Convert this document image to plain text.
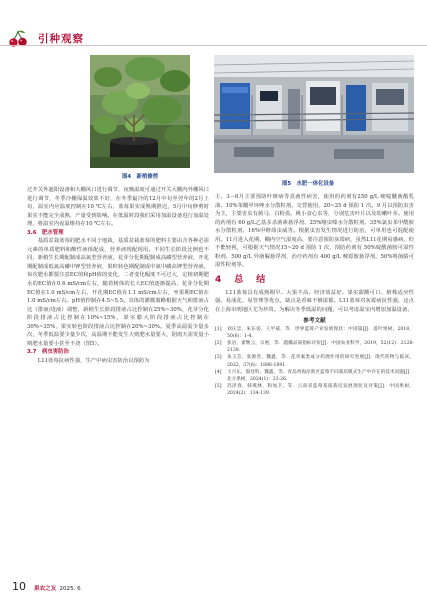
引种观察
图4　新梢修剪
图5　水肥一体化设备

过开关外遮阳设备和大棚风口进行调节，夜晚温度可通过开关大棚内外棚风口进行调节，冬季冷棚保温效果不好，在冬季最冷的12月中旬至翌年的2月上旬，温室内应温度控制在10 ℃左右，蓝莓果实成熟期推迟，5月中旬修剪时果实不能完全成熟，产量受到影响。在低温时段我们采用加温设备进行加温处理，将温室内夜温维持在10 ℃左右。

3.6　肥水管理

基质盆栽蓝莓的肥水不同于地栽，基质盆栽蓝莓的肥料主要由含各种必需元素的单质肥料和酸性液体配成，营养液现配现用。不同生长阶段比例也不同，新梢生长期配制成高氮型营养液，花芽分化期配制成高磷型营养液，开花期配制成低氮高磷中钾型营养液，果粒转色期配制成中氮中磷高钾型营养液。每次肥水都要注意EC值和pH值的变化，二者变化幅度不可过大，定植初期肥水的EC值在0.6 mS/cm左右，随着树体的长大EC值逐渐提高，花芽分化期EC值在1.0 mS/cm左右，开花期EC值在1.1 mS/cm左右，坐果期EC值在1.0 mS/cm左右。pH值控制在4.5~5.5。其体的灌溉策略根据天气和排液占比（排液/进液）调整，新梢生长阶段排液占比控制在25%~30%，花芽分化阶段排液占比控制在10%~15%，果实膨大阶段排液占比控制在30%~35%，果实转色阶段排液占比控制在20%~30%。夏季高温需少量多次，冬季低温要少量少次，高温期不能发生大则肥水量要大，阴雨天需发量小则肥水量要小甚至不浇（图5）。

3.7　病虫害防治

L11蓝莓抗病性强，生产中病虫害防治以预防为

主，3－6月主要预防叶斑病等真菌性病害，使用的药剂有250 g/L 嘧啶醚菌酯乳油、10%苯醚甲环唑水分散粒剂、交替使用，20~25 d 预防 1 次。9 月以预防虫害为主，主要害虫有蓟马、白粉虱、桃小食心虫等，分别危害叶片以及幼嫩叶芽。使用的药剂有 60 g/L乙基多杀菌素悬浮剂、25%噻虫嗪水分散粒剂、35%氯虫苯甲酰胺水分散粒剂、16%甲维茚虫威等。根据虫害发生情况进行防治，可单用也可混配使用。11月进入花期，棚内空气湿度高，要注意预防灰霉病，虽然L11花期易感病，但不能轻视，可根据天气情况15~20 d 预防 1 次，预防药剂有 50%啶酰菌胺可湿性粉剂、500 g/L 异菌脲悬浮剂，治疗药剂有 400 g/L 嘧霉胺悬浮剂、50%咯菌腈可湿性粉剂等。

4　总　结

L11蓝莓具有成熟期早、大果丰高、经济效益好、果实甜酸可口、植株适应性强、易成花、易管理等优点，缺点是香味不够浓郁。L11蓝莓对灰霉病抗性强，这点在上海市明地区尤为珍贵。为解决冬季低温的问题，可以考虑温室内增加加温设备。

参考文献

[1]	刘庆忠，朱东姿，王甲威，等．世界蓝莓产业发展现状：中国篇[J]．落叶果树，2018，50(6)：1-4.
[2]	张岩，翟继云，宗惠，等．越橘品质指标评价[J]．中国农业科学，2019，52(12)：2128-2139.
[3]	朱玉芸，张源善，魏鑫，等．花青素类成分药理作用的研究进展[J]．现代药物与临床，2022，37(8)：1886-1891.
[4]	王兴东，殷登科，魏鑫，等．青岛西海岸新区蓝莓不同栽培模式生产中存在的技术问题[J]．北方果树，2024(1)：23-26.
[5]	苏泽春，韩燕林，和加卫，等．云南省蓝莓基质栽培发展现状及对策[J]．中国果树，2024(2)：134-139.
10 果农之友 2025. 6
